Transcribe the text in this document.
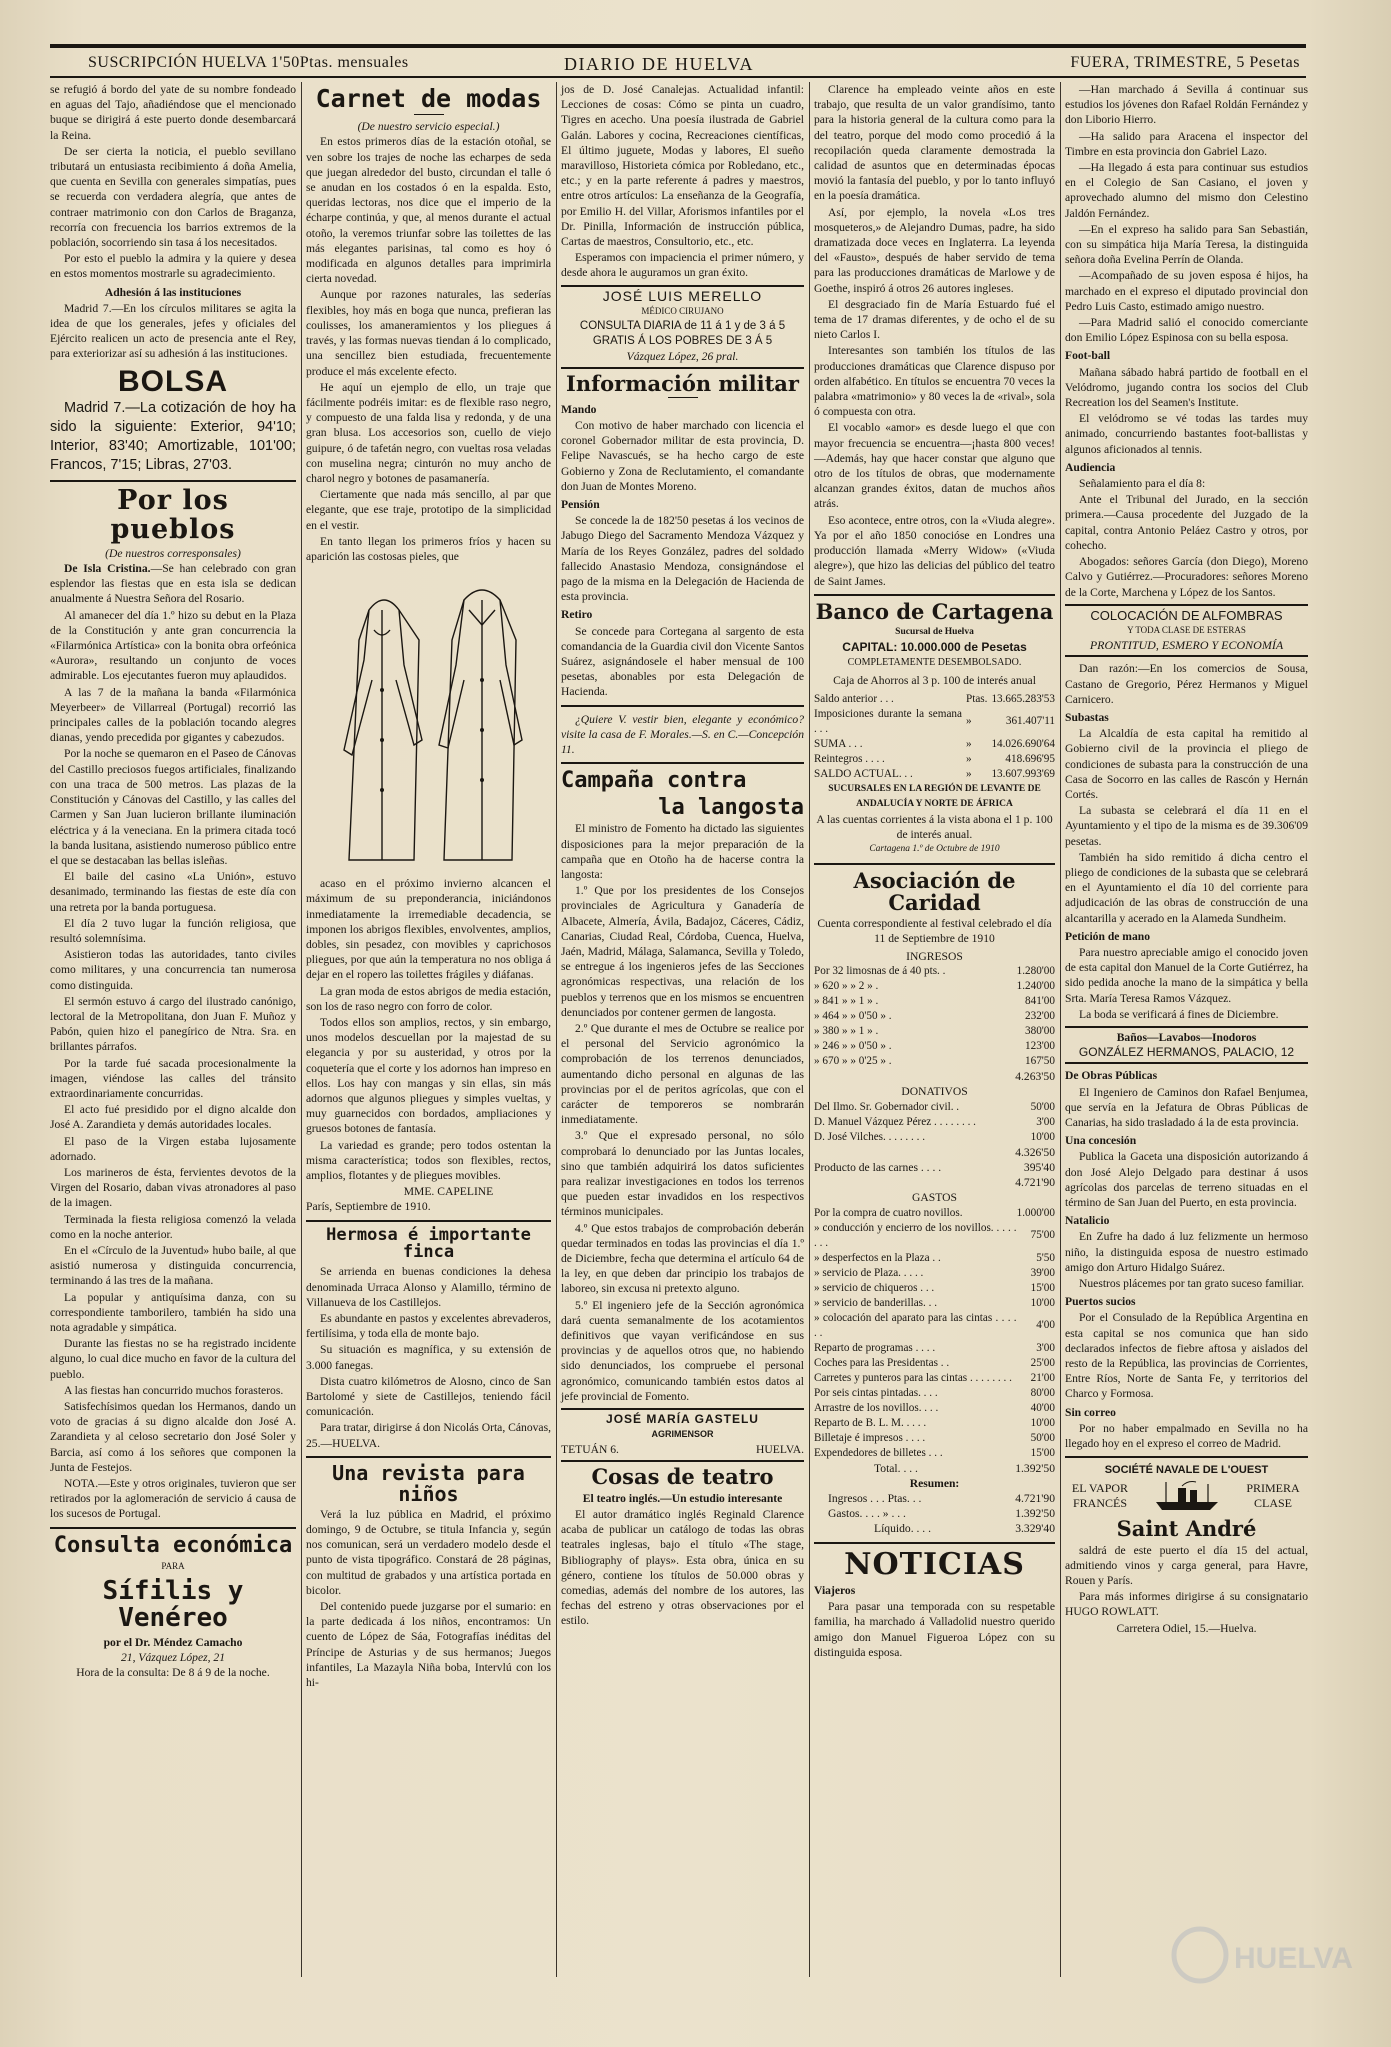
SUSCRIPCIÓN HUELVA 1'50Ptas. mensuales	DIARIO DE HUELVA	FUERA, TRIMESTRE, 5 Pesetas

se refugió á bordo del yate de su nombre fondeado en aguas del Tajo, añadiéndose que el mencionado buque se dirigirá á este puerto donde desembarcará la Reina.

De ser cierta la noticia, el pueblo sevillano tributará un entusiasta recibimiento á doña Amelia, que cuenta en Sevilla con generales simpatías, pues se recuerda con verdadera alegría, que antes de contraer matrimonio con don Carlos de Braganza, recorría con frecuencia los barrios extremos de la población, socorriendo sin tasa á los necesitados.

Por esto el pueblo la admira y la quiere y desea en estos momentos mostrarle su agradecimiento.

Adhesión á las instituciones

Madrid 7.—En los círculos militares se agita la idea de que los generales, jefes y oficiales del Ejército realicen un acto de presencia ante el Rey, para exteriorizar así su adhesión á las instituciones.

BOLSA

Madrid 7.—La cotización de hoy ha sido la siguiente: Exterior, 94'10; Interior, 83'40; Amortizable, 101'00; Francos, 7'15; Libras, 27'03.

Por los pueblos
(De nuestros corresponsales)

De Isla Cristina.—Se han celebrado con gran esplendor las fiestas que en esta isla se dedican anualmente á Nuestra Señora del Rosario.

Al amanecer del día 1.º hizo su debut en la Plaza de la Constitución y ante gran concurrencia la «Filarmónica Artística» con la bonita obra orfeónica «Aurora», resultando un conjunto de voces admirable. Los ejecutantes fueron muy aplaudidos.

A las 7 de la mañana la banda «Filarmónica Meyerbeer» de Villarreal (Portugal) recorrió las principales calles de la población tocando alegres dianas, yendo precedida por gigantes y cabezudos.

Por la noche se quemaron en el Paseo de Cánovas del Castillo preciosos fuegos artificiales, finalizando con una traca de 500 metros. Las plazas de la Constitución y Cánovas del Castillo, y las calles del Carmen y San Juan lucieron brillante iluminación eléctrica y á la veneciana. En la primera citada tocó la banda lusitana, asistiendo numeroso público entre el que se destacaban las bellas isleñas.

El baile del casino «La Unión», estuvo desanimado, terminando las fiestas de este día con una retreta por la banda portuguesa.

El día 2 tuvo lugar la función religiosa, que resultó solemnísima.

Asistieron todas las autoridades, tanto civiles como militares, y una concurrencia tan numerosa como distinguida.

El sermón estuvo á cargo del ilustrado canónigo, lectoral de la Metropolitana, don Juan F. Muñoz y Pabón, quien hizo el panegírico de Ntra. Sra. en brillantes párrafos.

Por la tarde fué sacada procesionalmente la imagen, viéndose las calles del tránsito extraordinariamente concurridas.

El acto fué presidido por el digno alcalde don José A. Zarandieta y demás autoridades locales.

El paso de la Virgen estaba lujosamente adornado.

Los marineros de ésta, fervientes devotos de la Virgen del Rosario, daban vivas atronadores al paso de la imagen.

Terminada la fiesta religiosa comenzó la velada como en la noche anterior.

En el «Círculo de la Juventud» hubo baile, al que asistió numerosa y distinguida concurrencia, terminando á las tres de la mañana.

La popular y antiquísima danza, con su correspondiente tamborilero, también ha sido una nota agradable y simpática.

Durante las fiestas no se ha registrado incidente alguno, lo cual dice mucho en favor de la cultura del pueblo.

A las fiestas han concurrido muchos forasteros.

Satisfechísimos quedan los Hermanos, dando un voto de gracias á su digno alcalde don José A. Zarandieta y al celoso secretario don José Soler y Barcia, así como á los señores que componen la Junta de Festejos.

NOTA.—Este y otros originales, tuvieron que ser retirados por la aglomeración de servicio á causa de los sucesos de Portugal.

Consulta económica
PARA
Sífilis y Venéreo
por el Dr. Méndez Camacho
21, Vázquez López, 21
Hora de la consulta: De 8 á 9 de la noche.
Carnet de modas
(De nuestro servicio especial.)

En estos primeros días de la estación otoñal, se ven sobre los trajes de noche las echarpes de seda que juegan alrededor del busto, circundan el talle ó se anudan en los costados ó en la espalda. Esto, queridas lectoras, nos dice que el imperio de la écharpe continúa, y que, al menos durante el actual otoño, la veremos triunfar sobre las toilettes de las más elegantes parisinas, tal como es hoy ó modificada en algunos detalles para imprimirla cierta novedad.

Aunque por razones naturales, las sederías flexibles, hoy más en boga que nunca, prefieran las coulisses, los amaneramientos y los pliegues á través, y las formas nuevas tiendan á lo complicado, una sencillez bien estudiada, frecuentemente produce el más excelente efecto.

He aquí un ejemplo de ello, un traje que fácilmente podréis imitar: es de flexible raso negro, y compuesto de una falda lisa y redonda, y de una gran blusa. Los accesorios son, cuello de viejo guipure, ó de tafetán negro, con vueltas rosa veladas con muselina negra; cinturón no muy ancho de charol negro y botones de pasamanería.

Ciertamente que nada más sencillo, al par que elegante, que ese traje, prototipo de la simplicidad en el vestir.

En tanto llegan los primeros fríos y hacen su aparición las costosas pieles, que

acaso en el próximo invierno alcancen el máximum de su preponderancia, iniciándonos inmediatamente la irremediable decadencia, se imponen los abrigos flexibles, envolventes, amplios, dobles, sin pesadez, con movibles y caprichosos pliegues, por que aún la temperatura no nos obliga á dejar en el ropero las toilettes frágiles y diáfanas.

La gran moda de estos abrigos de media estación, son los de raso negro con forro de color.

Todos ellos son amplios, rectos, y sin embargo, unos modelos descuellan por la majestad de su elegancia y por su austeridad, y otros por la coquetería que el corte y los adornos han impreso en ellos. Los hay con mangas y sin ellas, sin más adornos que algunos pliegues y simples vueltas, y muy guarnecidos con bordados, ampliaciones y gruesos botones de fantasía.

La variedad es grande; pero todos ostentan la misma característica; todos son flexibles, rectos, amplios, flotantes y de pliegues movibles.

MME. CAPELINE
París, Septiembre de 1910.
Hermosa é importante finca

Se arrienda en buenas condiciones la dehesa denominada Urraca Alonso y Alamillo, término de Villanueva de los Castillejos.

Es abundante en pastos y excelentes abrevaderos, fertilísima, y toda ella de monte bajo.

Su situación es magnífica, y su extensión de 3.000 fanegas.

Dista cuatro kilómetros de Alosno, cinco de San Bartolomé y siete de Castillejos, teniendo fácil comunicación.

Para tratar, dirigirse á don Nicolás Orta, Cánovas, 25.—HUELVA.

Una revista para niños

Verá la luz pública en Madrid, el próximo domingo, 9 de Octubre, se titula Infancia y, según nos comunican, será un verdadero modelo desde el punto de vista tipográfico. Constará de 28 páginas, con multitud de grabados y una artística portada en bicolor.

Del contenido puede juzgarse por el sumario: en la parte dedicada á los niños, encontramos: Un cuento de López de Sáa, Fotografías inéditas del Príncipe de Asturias y de sus hermanos; Juegos infantiles, La Mazayla Niña boba, Intervlú con los hi-

jos de D. José Canalejas. Actualidad infantil: Lecciones de cosas: Cómo se pinta un cuadro, Tigres en acecho. Una poesía ilustrada de Gabriel Galán. Labores y cocina, Recreaciones científicas, El último juguete, Modas y labores, El sueño maravilloso, Historieta cómica por Robledano, etc., etc.; y en la parte referente á padres y maestros, entre otros artículos: La enseñanza de la Geografía, por Emilio H. del Villar, Aforismos infantiles por el Dr. Pinilla, Información de instrucción pública, Cartas de maestros, Consultorio, etc., etc.

Esperamos con impaciencia el primer número, y desde ahora le auguramos un gran éxito.

JOSÉ LUIS MERELLO
MÉDICO CIRUJANO
CONSULTA DIARIA de 11 á 1 y de 3 á 5
GRATIS Á LOS POBRES DE 3 Á 5
Vázquez López, 26 pral.
Información militar
Mando

Con motivo de haber marchado con licencia el coronel Gobernador militar de esta provincia, D. Felipe Navascués, se ha hecho cargo de este Gobierno y Zona de Reclutamiento, el comandante don Juan de Montes Moreno.

Pensión

Se concede la de 182'50 pesetas á los vecinos de Jabugo Diego del Sacramento Mendoza Vázquez y María de los Reyes González, padres del soldado fallecido Anastasio Mendoza, consignándose el pago de la misma en la Delegación de Hacienda de esta provincia.

Retiro

Se concede para Cortegana al sargento de esta comandancia de la Guardia civil don Vicente Santos Suárez, asignándosele el haber mensual de 100 pesetas, abonables por esta Delegación de Hacienda.

¿Quiere V. vestir bien, elegante y económico? visite la casa de F. Morales.—S. en C.—Concepción 11.

Campaña contra
la langosta

El ministro de Fomento ha dictado las siguientes disposiciones para la mejor preparación de la campaña que en Otoño ha de hacerse contra la langosta:

1.º Que por los presidentes de los Consejos provinciales de Agricultura y Ganadería de Albacete, Almería, Ávila, Badajoz, Cáceres, Cádiz, Canarias, Ciudad Real, Córdoba, Cuenca, Huelva, Jaén, Madrid, Málaga, Salamanca, Sevilla y Toledo, se entregue á los ingenieros jefes de las Secciones agronómicas respectivas, una relación de los pueblos y terrenos que en los mismos se encuentren denunciados por contener germen de langosta.

2.º Que durante el mes de Octubre se realice por el personal del Servicio agronómico la comprobación de los terrenos denunciados, aumentando dicho personal en algunas de las provincias por el de peritos agrícolas, que con el carácter de temporeros se nombrarán inmediatamente.

3.º Que el expresado personal, no sólo comprobará lo denunciado por las Juntas locales, sino que también adquirirá los datos suficientes para realizar investigaciones en todos los terrenos que pueden estar invadidos en los respectivos términos municipales.

4.º Que estos trabajos de comprobación deberán quedar terminados en todas las provincias el día 1.º de Diciembre, fecha que determina el artículo 64 de la ley, en que deben dar principio los trabajos de laboreo, sin excusa ni pretexto alguno.

5.º El ingeniero jefe de la Sección agronómica dará cuenta semanalmente de los acotamientos definitivos que vayan verificándose en sus provincias y de aquellos otros que, no habiendo sido denunciados, los compruebe el personal agronómico, comunicando también estos datos al jefe provincial de Fomento.

JOSÉ MARÍA GASTELU
AGRIMENSOR
TETUÁN 6.	HUELVA.
Cosas de teatro
El teatro inglés.—Un estudio interesante

El autor dramático inglés Reginald Clarence acaba de publicar un catálogo de todas las obras teatrales inglesas, bajo el título «The stage, Bibliography of plays». Esta obra, única en su género, contiene los títulos de 50.000 obras y comedias, además del nombre de los autores, las fechas del estreno y otras observaciones por el estilo.

Clarence ha empleado veinte años en este trabajo, que resulta de un valor grandísimo, tanto para la historia general de la cultura como para la del teatro, porque del modo como procedió á la recopilación queda claramente demostrada la calidad de asuntos que en determinadas épocas movió la fantasía del pueblo, y por lo tanto influyó en la poesía dramática.

Así, por ejemplo, la novela «Los tres mosqueteros,» de Alejandro Dumas, padre, ha sido dramatizada doce veces en Inglaterra. La leyenda del «Fausto», después de haber servido de tema para las producciones dramáticas de Marlowe y de Goethe, inspiró á otros 26 autores ingleses.

El desgraciado fin de María Estuardo fué el tema de 17 dramas diferentes, y de ocho el de su nieto Carlos I.

Interesantes son también los títulos de las producciones dramáticas que Clarence dispuso por orden alfabético. En títulos se encuentra 70 veces la palabra «matrimonio» y 80 veces la de «rival», sola ó compuesta con otra.

El vocablo «amor» es desde luego el que con mayor frecuencia se encuentra—¡hasta 800 veces!—Además, hay que hacer constar que alguno que otro de los títulos de obras, que modernamente alcanzan grandes éxitos, datan de muchos años atrás.

Eso acontece, entre otros, con la «Viuda alegre». Ya por el año 1850 conocióse en Londres una producción llamada «Merry Widow» («Viuda alegre»), que hizo las delicias del público del teatro de Saint James.

Banco de Cartagena
Sucursal de Huelva
CAPITAL: 10.000.000 de Pesetas
COMPLETAMENTE DESEMBOLSADO.
Caja de Ahorros al 3 p. 100 de interés anual
Saldo anterior . . .	Ptas.	13.665.283'53
Imposiciones durante la semana . . .	»	361.407'11
SUMA . . .	»	14.026.690'64
Reintegros . . . .	»	418.696'95
SALDO ACTUAL. . .	»	13.607.993'69
SUCURSALES EN LA REGIÓN DE LEVANTE DE ANDALUCÍA Y NORTE DE ÁFRICA
A las cuentas corrientes á la vista abona el 1 p. 100 de interés anual.
Cartagena 1.º de Octubre de 1910
Asociación de Caridad
Cuenta correspondiente al festival celebrado el día 11 de Septiembre de 1910
INGRESOS
Por 32 limosnas de á 40 pts. .	1.280'00
» 620 » » 2 » .	1.240'00
» 841 » » 1 » .	841'00
» 464 » » 0'50 » .	232'00
» 380 » » 1 » .	380'00
» 246 » » 0'50 » .	123'00
» 670 » » 0'25 » .	167'50
4.263'50
DONATIVOS
Del Ilmo. Sr. Gobernador civil. .	50'00
D. Manuel Vázquez Pérez . . . . . . . .	3'00
D. José Vilches. . . . . . . .	10'00
4.326'50
Producto de las carnes . . . .	395'40
4.721'90
GASTOS
Por la compra de cuatro novillos.	1.000'00
» conducción y encierro de los novillos. . . . . . . .	75'00
» desperfectos en la Plaza . .	5'50
» servicio de Plaza. . . . .	39'00
» servicio de chiqueros . . .	15'00
» servicio de banderillas. . .	10'00
» colocación del aparato para las cintas . . . . . .	4'00
Reparto de programas . . . .	3'00
Coches para las Presidentas . .	25'00
Carretes y punteros para las cintas . . . . . . . .	21'00
Por seis cintas pintadas. . . .	80'00
Arrastre de los novillos. . . .	40'00
Reparto de B. L. M. . . . .	10'00
Billetaje é impresos . . . .	50'00
Expendedores de billetes . . .	15'00
Total. . . .	1.392'50
Resumen:
Ingresos . . . Ptas. . .	4.721'90
Gastos. . . . » . . .	1.392'50
Líquido. . . .	3.329'40
NOTICIAS
Viajeros

Para pasar una temporada con su respetable familia, ha marchado á Valladolid nuestro querido amigo don Manuel Figueroa López con su distinguida esposa.

—Han marchado á Sevilla á continuar sus estudios los jóvenes don Rafael Roldán Fernández y don Liborio Hierro.

—Ha salido para Aracena el inspector del Timbre en esta provincia don Gabriel Lazo.

—Ha llegado á esta para continuar sus estudios en el Colegio de San Casiano, el joven y aprovechado alumno del mismo don Celestino Jaldón Fernández.

—En el expreso ha salido para San Sebastián, con su simpática hija María Teresa, la distinguida señora doña Evelina Perrín de Olanda.

—Acompañado de su joven esposa é hijos, ha marchado en el expreso el diputado provincial don Pedro Luis Casto, estimado amigo nuestro.

—Para Madrid salió el conocido comerciante don Emilio López Espinosa con su bella esposa.

Foot-ball

Mañana sábado habrá partido de football en el Velódromo, jugando contra los socios del Club Recreation los del Seamen's Institute.

El velódromo se vé todas las tardes muy animado, concurriendo bastantes foot-ballistas y algunos aficionados al tennis.

Audiencia

Señalamiento para el día 8:

Ante el Tribunal del Jurado, en la sección primera.—Causa procedente del Juzgado de la capital, contra Antonio Peláez Castro y otros, por cohecho.

Abogados: señores García (don Diego), Moreno Calvo y Gutiérrez.—Procuradores: señores Moreno de la Corte, Marchena y López de los Santos.

COLOCACIÓN DE ALFOMBRAS
Y TODA CLASE DE ESTERAS
PRONTITUD, ESMERO Y ECONOMÍA

Dan razón:—En los comercios de Sousa, Castano de Gregorio, Pérez Hermanos y Miguel Carnicero.

Subastas

La Alcaldía de esta capital ha remitido al Gobierno civil de la provincia el pliego de condiciones de subasta para la construcción de una Casa de Socorro en las calles de Rascón y Hernán Cortés.

La subasta se celebrará el día 11 en el Ayuntamiento y el tipo de la misma es de 39.306'09 pesetas.

También ha sido remitido á dicha centro el pliego de condiciones de la subasta que se celebrará en el Ayuntamiento el día 10 del corriente para adjudicación de las obras de construcción de una alcantarilla y acerado en la Alameda Sundheim.

Petición de mano

Para nuestro apreciable amigo el conocido joven de esta capital don Manuel de la Corte Gutiérrez, ha sido pedida anoche la mano de la simpática y bella Srta. María Teresa Ramos Vázquez.

La boda se verificará á fines de Diciembre.

Baños—Lavabos—Inodoros
GONZÁLEZ HERMANOS, PALACIO, 12
De Obras Públicas

El Ingeniero de Caminos don Rafael Benjumea, que servía en la Jefatura de Obras Públicas de Canarias, ha sido trasladado á la de esta provincia.

Una concesión

Publica la Gaceta una disposición autorizando á don José Alejo Delgado para destinar á usos agrícolas dos parcelas de terreno situadas en el término de San Juan del Puerto, en esta provincia.

Natalicio

En Zufre ha dado á luz felizmente un hermoso niño, la distinguida esposa de nuestro estimado amigo don Arturo Hidalgo Suárez.

Nuestros plácemes por tan grato suceso familiar.

Puertos sucios

Por el Consulado de la República Argentina en esta capital se nos comunica que han sido declarados infectos de fiebre aftosa y aislados del resto de la República, las provincias de Corrientes, Entre Ríos, Norte de Santa Fe, y territorios del Charco y Formosa.

Sin correo

Por no haber empalmado en Sevilla no ha llegado hoy en el expreso el correo de Madrid.

SOCIÉTÉ NAVALE DE L'OUEST
EL VAPOR FRANCÉS
PRIMERA CLASE
Saint André

saldrá de este puerto el día 15 del actual, admitiendo vinos y carga general, para Havre, Rouen y París.

Para más informes dirigirse á su consignatario HUGO ROWLATT.

Carretera Odiel, 15.—Huelva.

HUELVA
